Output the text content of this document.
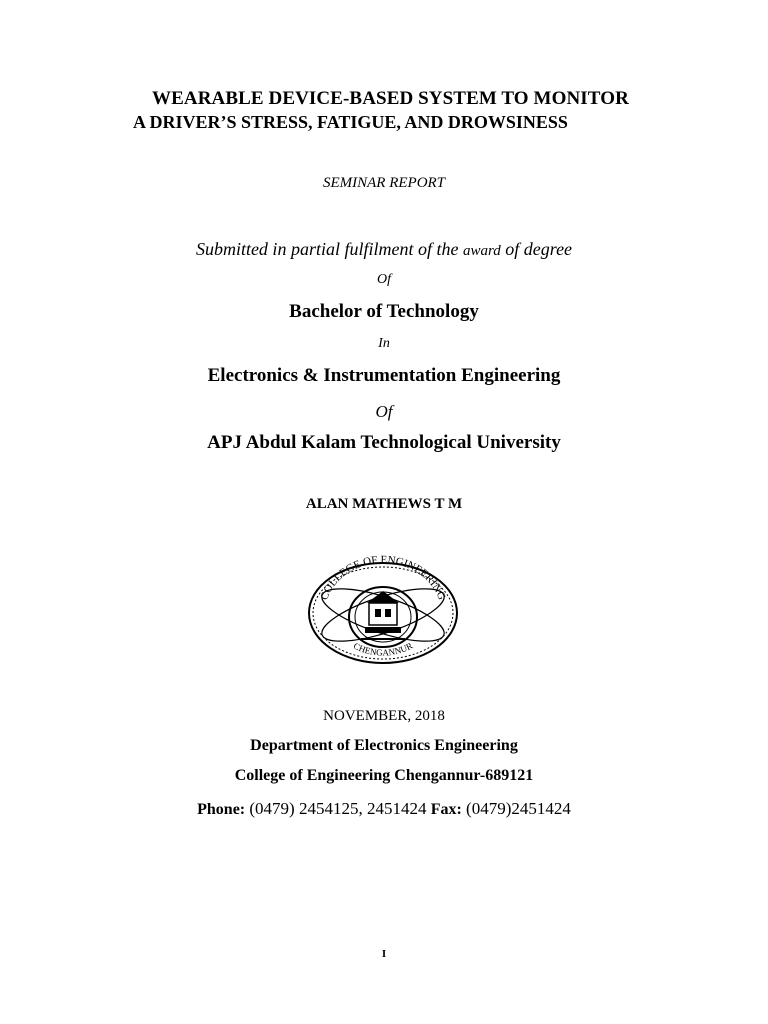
WEARABLE DEVICE-BASED SYSTEM TO MONITOR
A DRIVER’S STRESS, FATIGUE, AND DROWSINESS
SEMINAR REPORT
Submitted in partial fulfilment of the award of degree
Of
Bachelor of Technology
In
Electronics & Instrumentation Engineering
Of
APJ Abdul Kalam Technological University
ALAN MATHEWS T M
COLLEGE OF ENGINEERING
CHENGANNUR
NOVEMBER, 2018
Department of Electronics Engineering
College of Engineering Chengannur-689121
Phone: (0479) 2454125, 2451424 Fax: (0479)2451424
I
